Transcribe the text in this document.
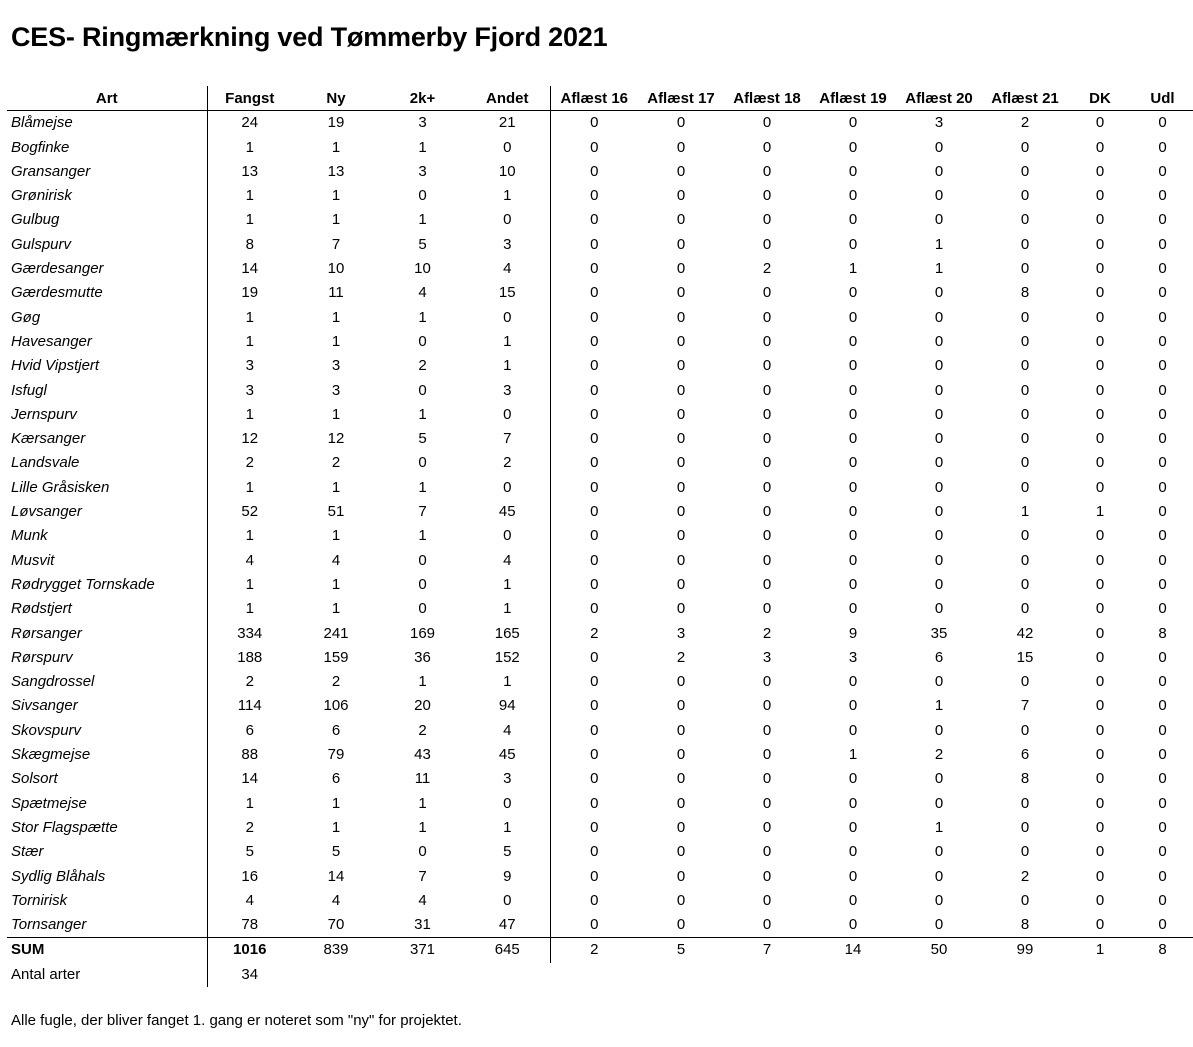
CES- Ringmærkning ved Tømmerby Fjord 2021
Art	Fangst	Ny	2k+	Andet	Aflæst 16	Aflæst 17	Aflæst 18	Aflæst 19	Aflæst 20	Aflæst 21	DK	Udl
Blåmejse	24	19	3	21	0	0	0	0	3	2	0	0
Bogfinke	1	1	1	0	0	0	0	0	0	0	0	0
Gransanger	13	13	3	10	0	0	0	0	0	0	0	0
Grønirisk	1	1	0	1	0	0	0	0	0	0	0	0
Gulbug	1	1	1	0	0	0	0	0	0	0	0	0
Gulspurv	8	7	5	3	0	0	0	0	1	0	0	0
Gærdesanger	14	10	10	4	0	0	2	1	1	0	0	0
Gærdesmutte	19	11	4	15	0	0	0	0	0	8	0	0
Gøg	1	1	1	0	0	0	0	0	0	0	0	0
Havesanger	1	1	0	1	0	0	0	0	0	0	0	0
Hvid Vipstjert	3	3	2	1	0	0	0	0	0	0	0	0
Isfugl	3	3	0	3	0	0	0	0	0	0	0	0
Jernspurv	1	1	1	0	0	0	0	0	0	0	0	0
Kærsanger	12	12	5	7	0	0	0	0	0	0	0	0
Landsvale	2	2	0	2	0	0	0	0	0	0	0	0
Lille Gråsisken	1	1	1	0	0	0	0	0	0	0	0	0
Løvsanger	52	51	7	45	0	0	0	0	0	1	1	0
Munk	1	1	1	0	0	0	0	0	0	0	0	0
Musvit	4	4	0	4	0	0	0	0	0	0	0	0
Rødrygget Tornskade	1	1	0	1	0	0	0	0	0	0	0	0
Rødstjert	1	1	0	1	0	0	0	0	0	0	0	0
Rørsanger	334	241	169	165	2	3	2	9	35	42	0	8
Rørspurv	188	159	36	152	0	2	3	3	6	15	0	0
Sangdrossel	2	2	1	1	0	0	0	0	0	0	0	0
Sivsanger	114	106	20	94	0	0	0	0	1	7	0	0
Skovspurv	6	6	2	4	0	0	0	0	0	0	0	0
Skægmejse	88	79	43	45	0	0	0	1	2	6	0	0
Solsort	14	6	11	3	0	0	0	0	0	8	0	0
Spætmejse	1	1	1	0	0	0	0	0	0	0	0	0
Stor Flagspætte	2	1	1	1	0	0	0	0	1	0	0	0
Stær	5	5	0	5	0	0	0	0	0	0	0	0
Sydlig Blåhals	16	14	7	9	0	0	0	0	0	2	0	0
Tornirisk	4	4	4	0	0	0	0	0	0	0	0	0
Tornsanger	78	70	31	47	0	0	0	0	0	8	0	0
SUM	1016	839	371	645	2	5	7	14	50	99	1	8
Antal arter	34											
Alle fugle, der bliver fanget 1. gang er noteret som "ny" for projektet.
